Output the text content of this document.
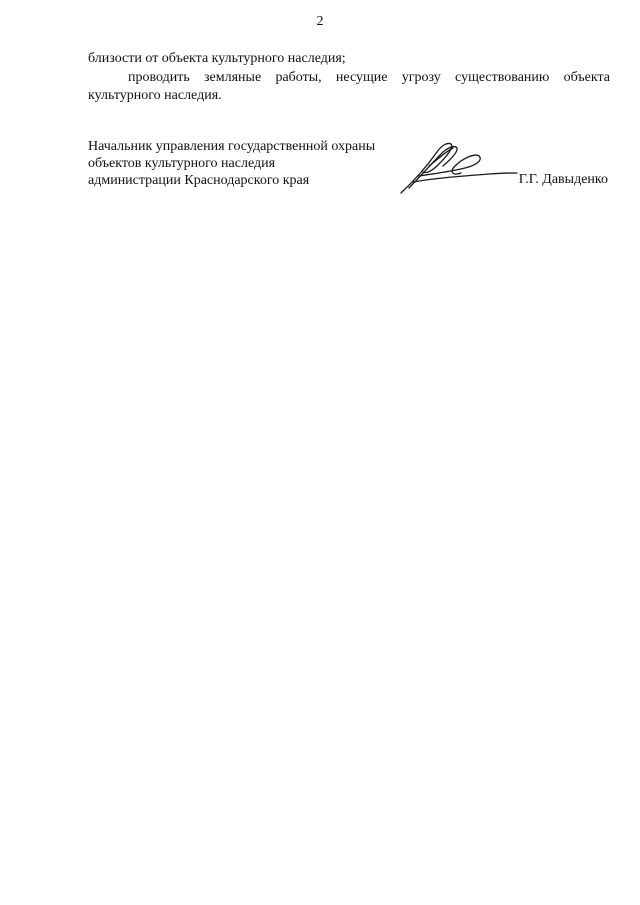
2

близости от объекта культурного наследия;

проводить земляные работы, несущие угрозу существованию объекта культурного наследия.

Начальник управления государственной охраны
объектов культурного наследия
администрации Краснодарского края	Г.Г. Давыденко
